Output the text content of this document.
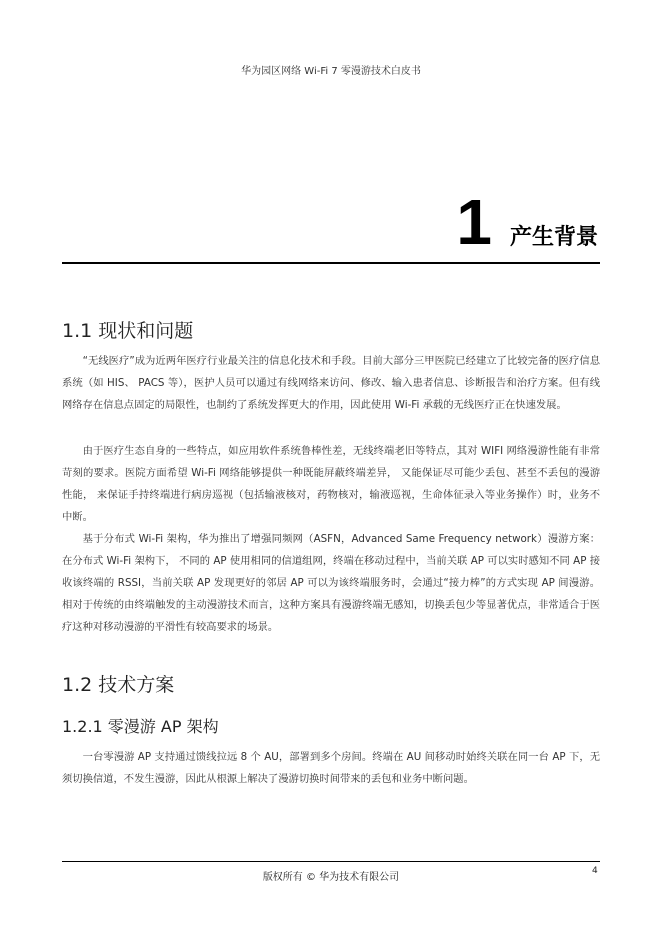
华为园区网络 Wi-Fi 7 零漫游技术白皮书
1 产生背景
1.1 现状和问题

“无线医疗”成为近两年医疗行业最关注的信息化技术和手段。目前大部分三甲医院已经建立了比较完备的医疗信息系统（如 HIS、 PACS 等），医护人员可以通过有线网络来访问、修改、输入患者信息、诊断报告和治疗方案。但有线网络存在信息点固定的局限性，也制约了系统发挥更大的作用，因此使用 Wi-Fi 承载的无线医疗正在快速发展。

由于医疗生态自身的一些特点，如应用软件系统鲁棒性差，无线终端老旧等特点，其对 WIFI 网络漫游性能有非常苛刻的要求。医院方面希望 Wi-Fi 网络能够提供一种既能屏蔽终端差异， 又能保证尽可能少丢包、甚至不丢包的漫游性能， 来保证手持终端进行病房巡视（包括输液核对，药物核对，输液巡视，生命体征录入等业务操作）时，业务不中断。

基于分布式 Wi-Fi 架构，华为推出了增强同频网（ASFN，Advanced Same Frequency network）漫游方案：在分布式 Wi-Fi 架构下， 不同的 AP 使用相同的信道组网，终端在移动过程中，当前关联 AP 可以实时感知不同 AP 接收该终端的 RSSI，当前关联 AP 发现更好的邻居 AP 可以为该终端服务时，会通过“接力棒”的方式实现 AP 间漫游。相对于传统的由终端触发的主动漫游技术而言，这种方案具有漫游终端无感知，切换丢包少等显著优点，非常适合于医疗这种对移动漫游的平滑性有较高要求的场景。

1.2 技术方案
1.2.1 零漫游 AP 架构

一台零漫游 AP 支持通过馈线拉远 8 个 AU，部署到多个房间。终端在 AU 间移动时始终关联在同一台 AP 下，无须切换信道，不发生漫游，因此从根源上解决了漫游切换时间带来的丢包和业务中断问题。

版权所有 © 华为技术有限公司
4
